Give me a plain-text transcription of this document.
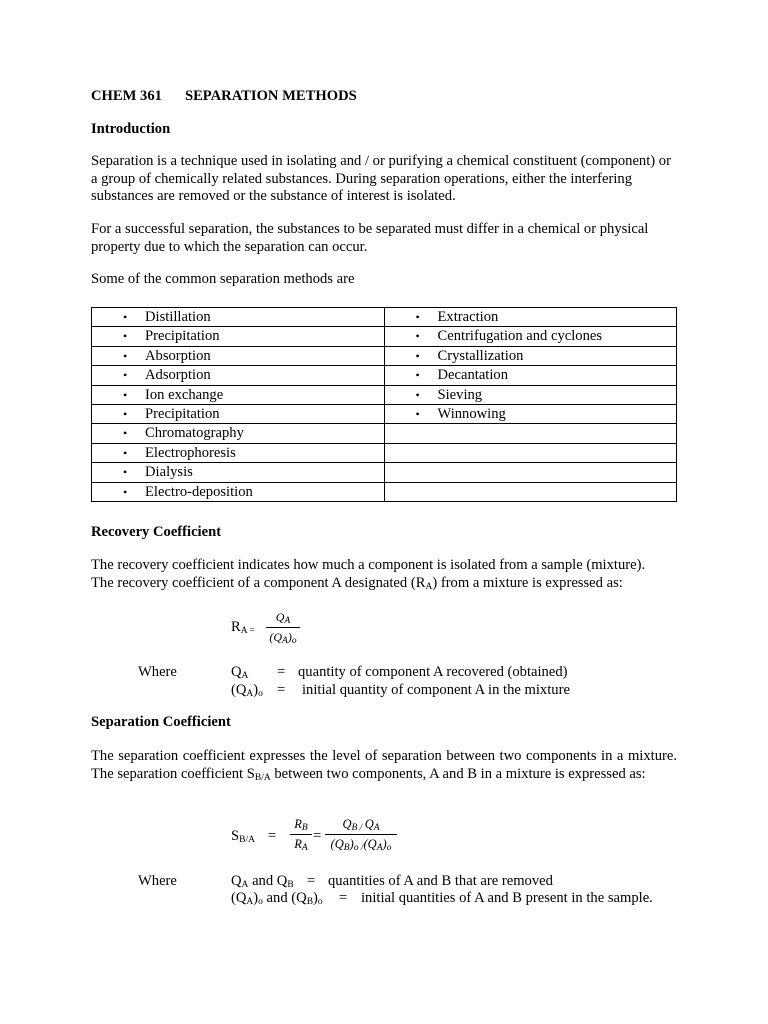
CHEM 361 SEPARATION METHODS
Introduction
Separation is a technique used in isolating and / or purifying a chemical constituent (component) or a group of chemically related substances. During separation operations, either the interfering substances are removed or the substance of interest is isolated.
For a successful separation, the substances to be separated must differ in a chemical or physical property due to which the separation can occur.
Some of the common separation methods are
• Distillation	• Extraction

• Precipitation	• Centrifugation and cyclones

• Absorption	• Crystallization

• Adsorption	• Decantation

• Ion exchange	• Sieving

• Precipitation	• Winnowing

• Chromatography	

• Electrophoresis	

• Dialysis	

• Electro-deposition	

Recovery Coefficient
The recovery coefficient indicates how much a component is isolated from a sample (mixture).
The recovery coefficient of a component A designated $(R_A)$ from a mixture is expressed as:
$R_{A =}$
$Q_A$
$(Q_A)_o$
Where	$Q_A$ = quantity of component A recovered (obtained)
$(Q_A)_o$ = initial quantity of component A in the mixture
Separation Coefficient
The separation coefficient expresses the level of separation between two components in a mixture. The separation coefficient $S_{B/A}$ between two components, A and B in a mixture is expressed as:
$S_{B/A}$ =
$R_B$
$R_A$
=
$Q_{B /}$ $Q_A$
$(Q_B)_{o /}(Q_A)_o$
Where	$Q_A$ and $Q_B$ = quantities of A and B that are removed
$(Q_A)_o$ and $(Q_B)_o$ = initial quantities of A and B present in the sample.
